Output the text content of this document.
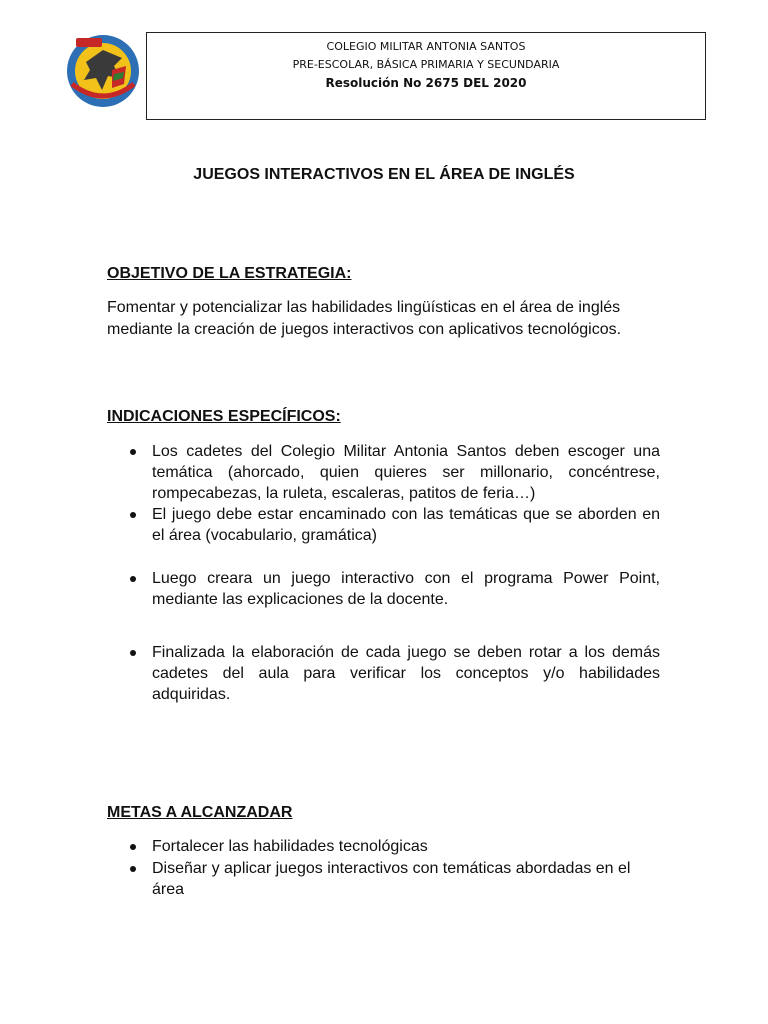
COLEGIO MILITAR ANTONIA SANTOS
PRE-ESCOLAR, BÁSICA PRIMARIA Y SECUNDARIA
Resolución No 2675 DEL 2020
JUEGOS INTERACTIVOS EN EL ÁREA DE INGLÉS
OBJETIVO DE LA ESTRATEGIA:
Fomentar y potencializar las habilidades lingüísticas en el área de inglés mediante la creación de juegos interactivos con aplicativos tecnológicos.
INDICACIONES ESPECÍFICOS:
Los cadetes del Colegio Militar Antonia Santos deben escoger una temática (ahorcado, quien quieres ser millonario, concéntrese, rompecabezas, la ruleta, escaleras, patitos de feria…)
El juego debe estar encaminado con las temáticas que se aborden en el área (vocabulario, gramática)
Luego creara un juego interactivo con el programa Power Point, mediante las explicaciones de la docente.
Finalizada la elaboración de cada juego se deben rotar a los demás cadetes del aula para verificar los conceptos y/o habilidades adquiridas.
METAS A ALCANZADAR
Fortalecer las habilidades tecnológicas
Diseñar y aplicar juegos interactivos con temáticas abordadas en el área
